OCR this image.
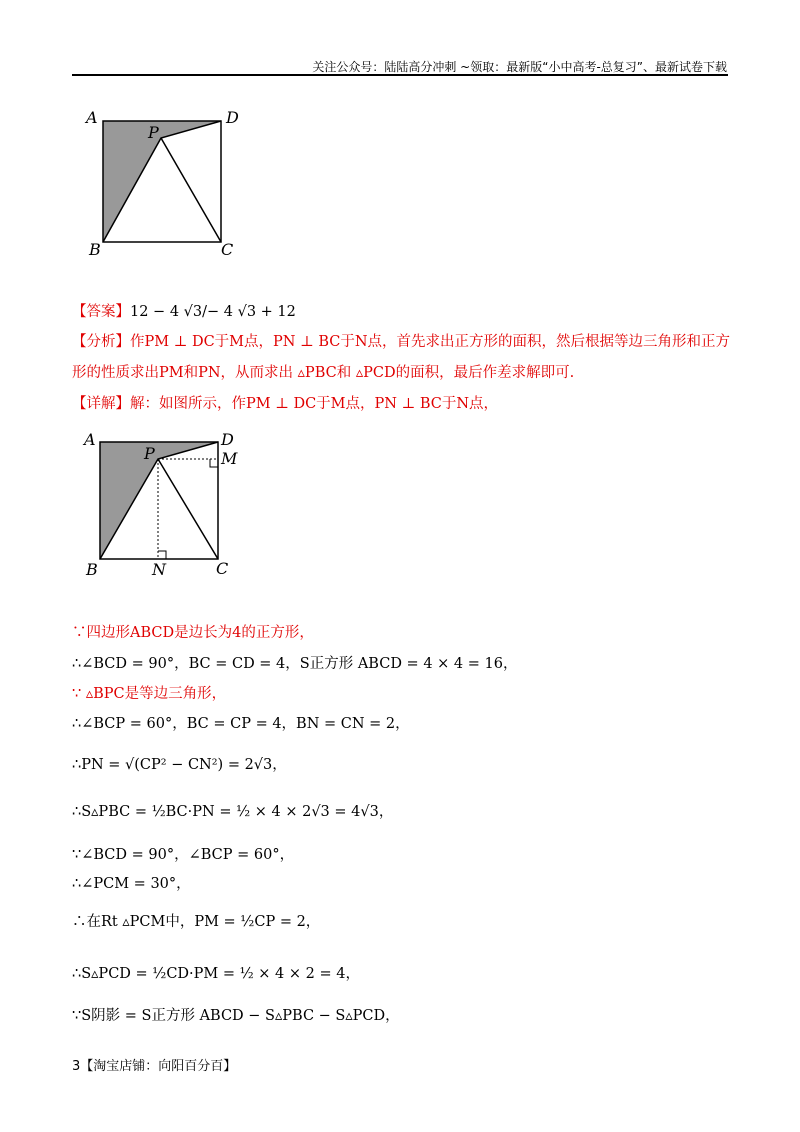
关注公众号：陆陆高分冲刺 ~领取：最新版“小中高考-总复习”、最新试卷下载
A	D
P
B	C
【答案】12 − 4 √3/− 4 √3 + 12
【分析】作PM ⊥ DC于M点，PN ⊥ BC于N点，首先求出正方形的面积，然后根据等边三角形和正方
形的性质求出PM和PN，从而求出 ▵PBC和 ▵PCD的面积，最后作差求解即可.
【详解】解：如图所示，作PM ⊥ DC于M点，PN ⊥ BC于N点，
A	D
P	M
B	N	C
∵四边形ABCD是边长为4的正方形，
∴∠BCD = 90°，BC = CD = 4，S正方形 ABCD = 4 × 4 = 16，
∵ ▵BPC是等边三角形，
∴∠BCP = 60°，BC = CP = 4，BN = CN = 2，
∴PN = √(CP² − CN²) = 2√3，
∴S▵PBC = ½BC·PN = ½ × 4 × 2√3 = 4√3，
∵∠BCD = 90°，∠BCP = 60°，
∴∠PCM = 30°，
∴在Rt ▵PCM中，PM = ½CP = 2，
∴S▵PCD = ½CD·PM = ½ × 4 × 2 = 4，
∵S阴影 = S正方形 ABCD − S▵PBC − S▵PCD，
3【淘宝店铺：向阳百分百】
